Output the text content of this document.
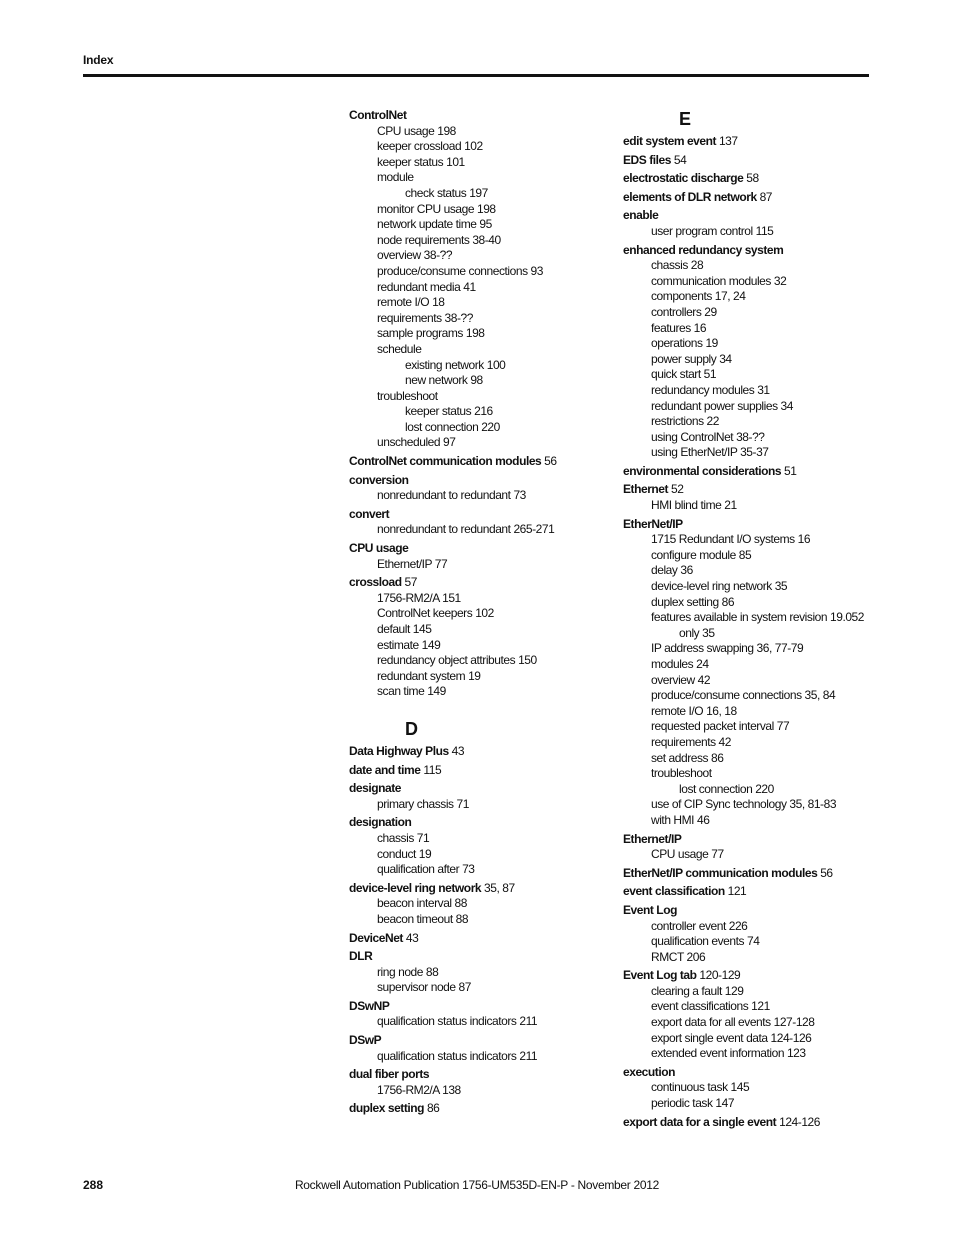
Index
ControlNet
CPU usage 198
keeper crossload 102
keeper status 101
module
check status 197
monitor CPU usage 198
network update time 95
node requirements 38-40
overview 38-??
produce/consume connections 93
redundant media 41
remote I/O 18
requirements 38-??
sample programs 198
schedule
existing network 100
new network 98
troubleshoot
keeper status 216
lost connection 220
unscheduled 97
ControlNet communication modules 56
conversion
nonredundant to redundant 73
convert
nonredundant to redundant 265-271
CPU usage
Ethernet/IP 77
crossload 57
1756-RM2/A 151
ControlNet keepers 102
default 145
estimate 149
redundancy object attributes 150
redundant system 19
scan time 149
D
Data Highway Plus 43
date and time 115
designate
primary chassis 71
designation
chassis 71
conduct 19
qualification after 73
device-level ring network 35, 87
beacon interval 88
beacon timeout 88
DeviceNet 43
DLR
ring node 88
supervisor node 87
DSwNP
qualification status indicators 211
DSwP
qualification status indicators 211
dual fiber ports
1756-RM2/A 138
duplex setting 86
E
edit system event 137
EDS files 54
electrostatic discharge 58
elements of DLR network 87
enable
user program control 115
enhanced redundancy system
chassis 28
communication modules 32
components 17, 24
controllers 29
features 16
operations 19
power supply 34
quick start 51
redundancy modules 31
redundant power supplies 34
restrictions 22
using ControlNet 38-??
using EtherNet/IP 35-37
environmental considerations 51
Ethernet 52
HMI blind time 21
EtherNet/IP
1715 Redundant I/O systems 16
configure module 85
delay 36
device-level ring network 35
duplex setting 86
features available in system revision 19.052 only 35
IP address swapping 36, 77-79
modules 24
overview 42
produce/consume connections 35, 84
remote I/O 16, 18
requested packet interval 77
requirements 42
set address 86
troubleshoot
lost connection 220
use of CIP Sync technology 35, 81-83
with HMI 46
Ethernet/IP
CPU usage 77
EtherNet/IP communication modules 56
event classification 121
Event Log
controller event 226
qualification events 74
RMCT 206
Event Log tab 120-129
clearing a fault 129
event classifications 121
export data for all events 127-128
export single event data 124-126
extended event information 123
execution
continuous task 145
periodic task 147
export data for a single event 124-126
288	Rockwell Automation Publication 1756-UM535D-EN-P - November 2012
